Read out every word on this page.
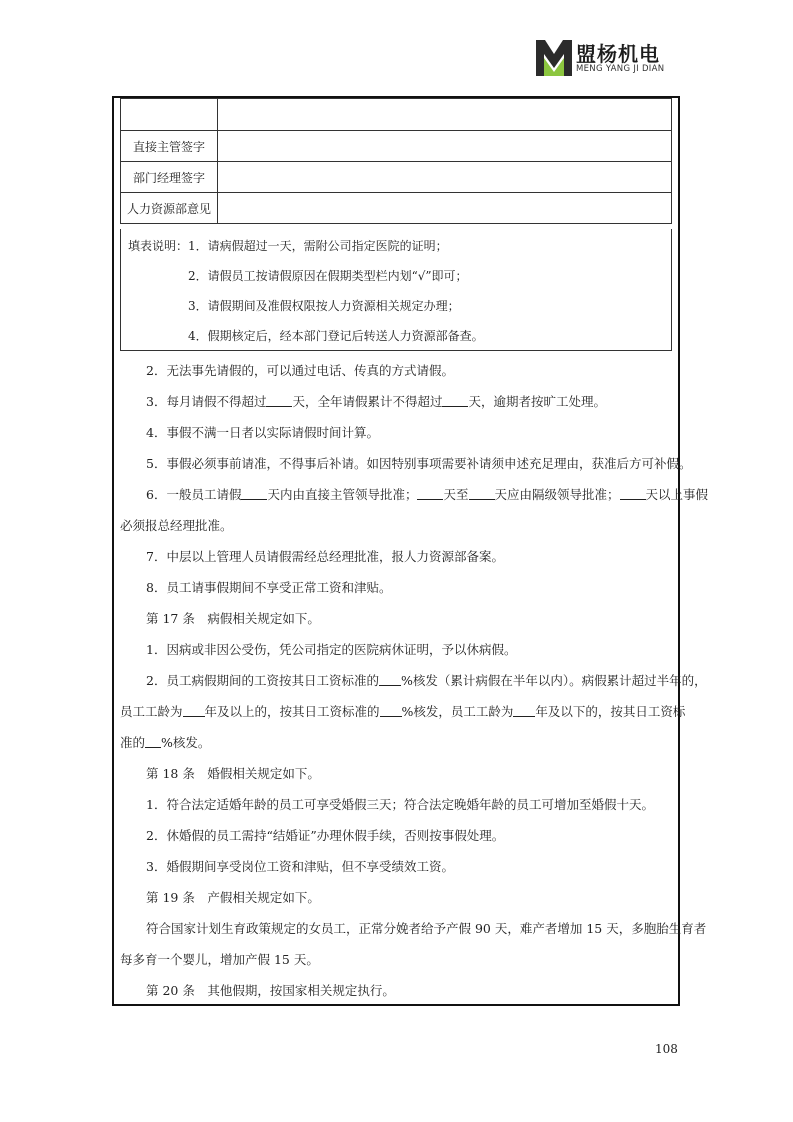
盟杨机电
MENG YANG JI DIAN

直接主管签字	
部门经理签字	
人力资源部意见	
填表说明： 1．请病假超过一天，需附公司指定医院的证明；
2．请假员工按请假原因在假期类型栏内划“√”即可；
3．请假期间及准假权限按人力资源相关规定办理；
4．假期核定后，经本部门登记后转送人力资源部备查。
2．无法事先请假的，可以通过电话、传真的方式请假。
3．每月请假不得超过 天，全年请假累计不得超过 天，逾期者按旷工处理。
4．事假不满一日者以实际请假时间计算。
5．事假必须事前请准，不得事后补请。如因特别事项需要补请须申述充足理由，获准后方可补假。
6．一般员工请假 天内由直接主管领导批准； 天至 天应由隔级领导批准； 天以上事假
必须报总经理批准。
7．中层以上管理人员请假需经总经理批准，报人力资源部备案。
8．员工请事假期间不享受正常工资和津贴。
第 17 条　病假相关规定如下。
1．因病或非因公受伤，凭公司指定的医院病休证明，予以休病假。
2．员工病假期间的工资按其日工资标准的 %核发（累计病假在半年以内）。病假累计超过半年的，
员工工龄为 年及以上的，按其日工资标准的 %核发，员工工龄为 年及以下的，按其日工资标
准的 %核发。
第 18 条　婚假相关规定如下。
1．符合法定适婚年龄的员工可享受婚假三天；符合法定晚婚年龄的员工可增加至婚假十天。
2．休婚假的员工需持“结婚证”办理休假手续，否则按事假处理。
3．婚假期间享受岗位工资和津贴，但不享受绩效工资。
第 19 条　产假相关规定如下。
符合国家计划生育政策规定的女员工，正常分娩者给予产假 90 天，难产者增加 15 天，多胞胎生育者
每多育一个婴儿，增加产假 15 天。
第 20 条　其他假期，按国家相关规定执行。
108
